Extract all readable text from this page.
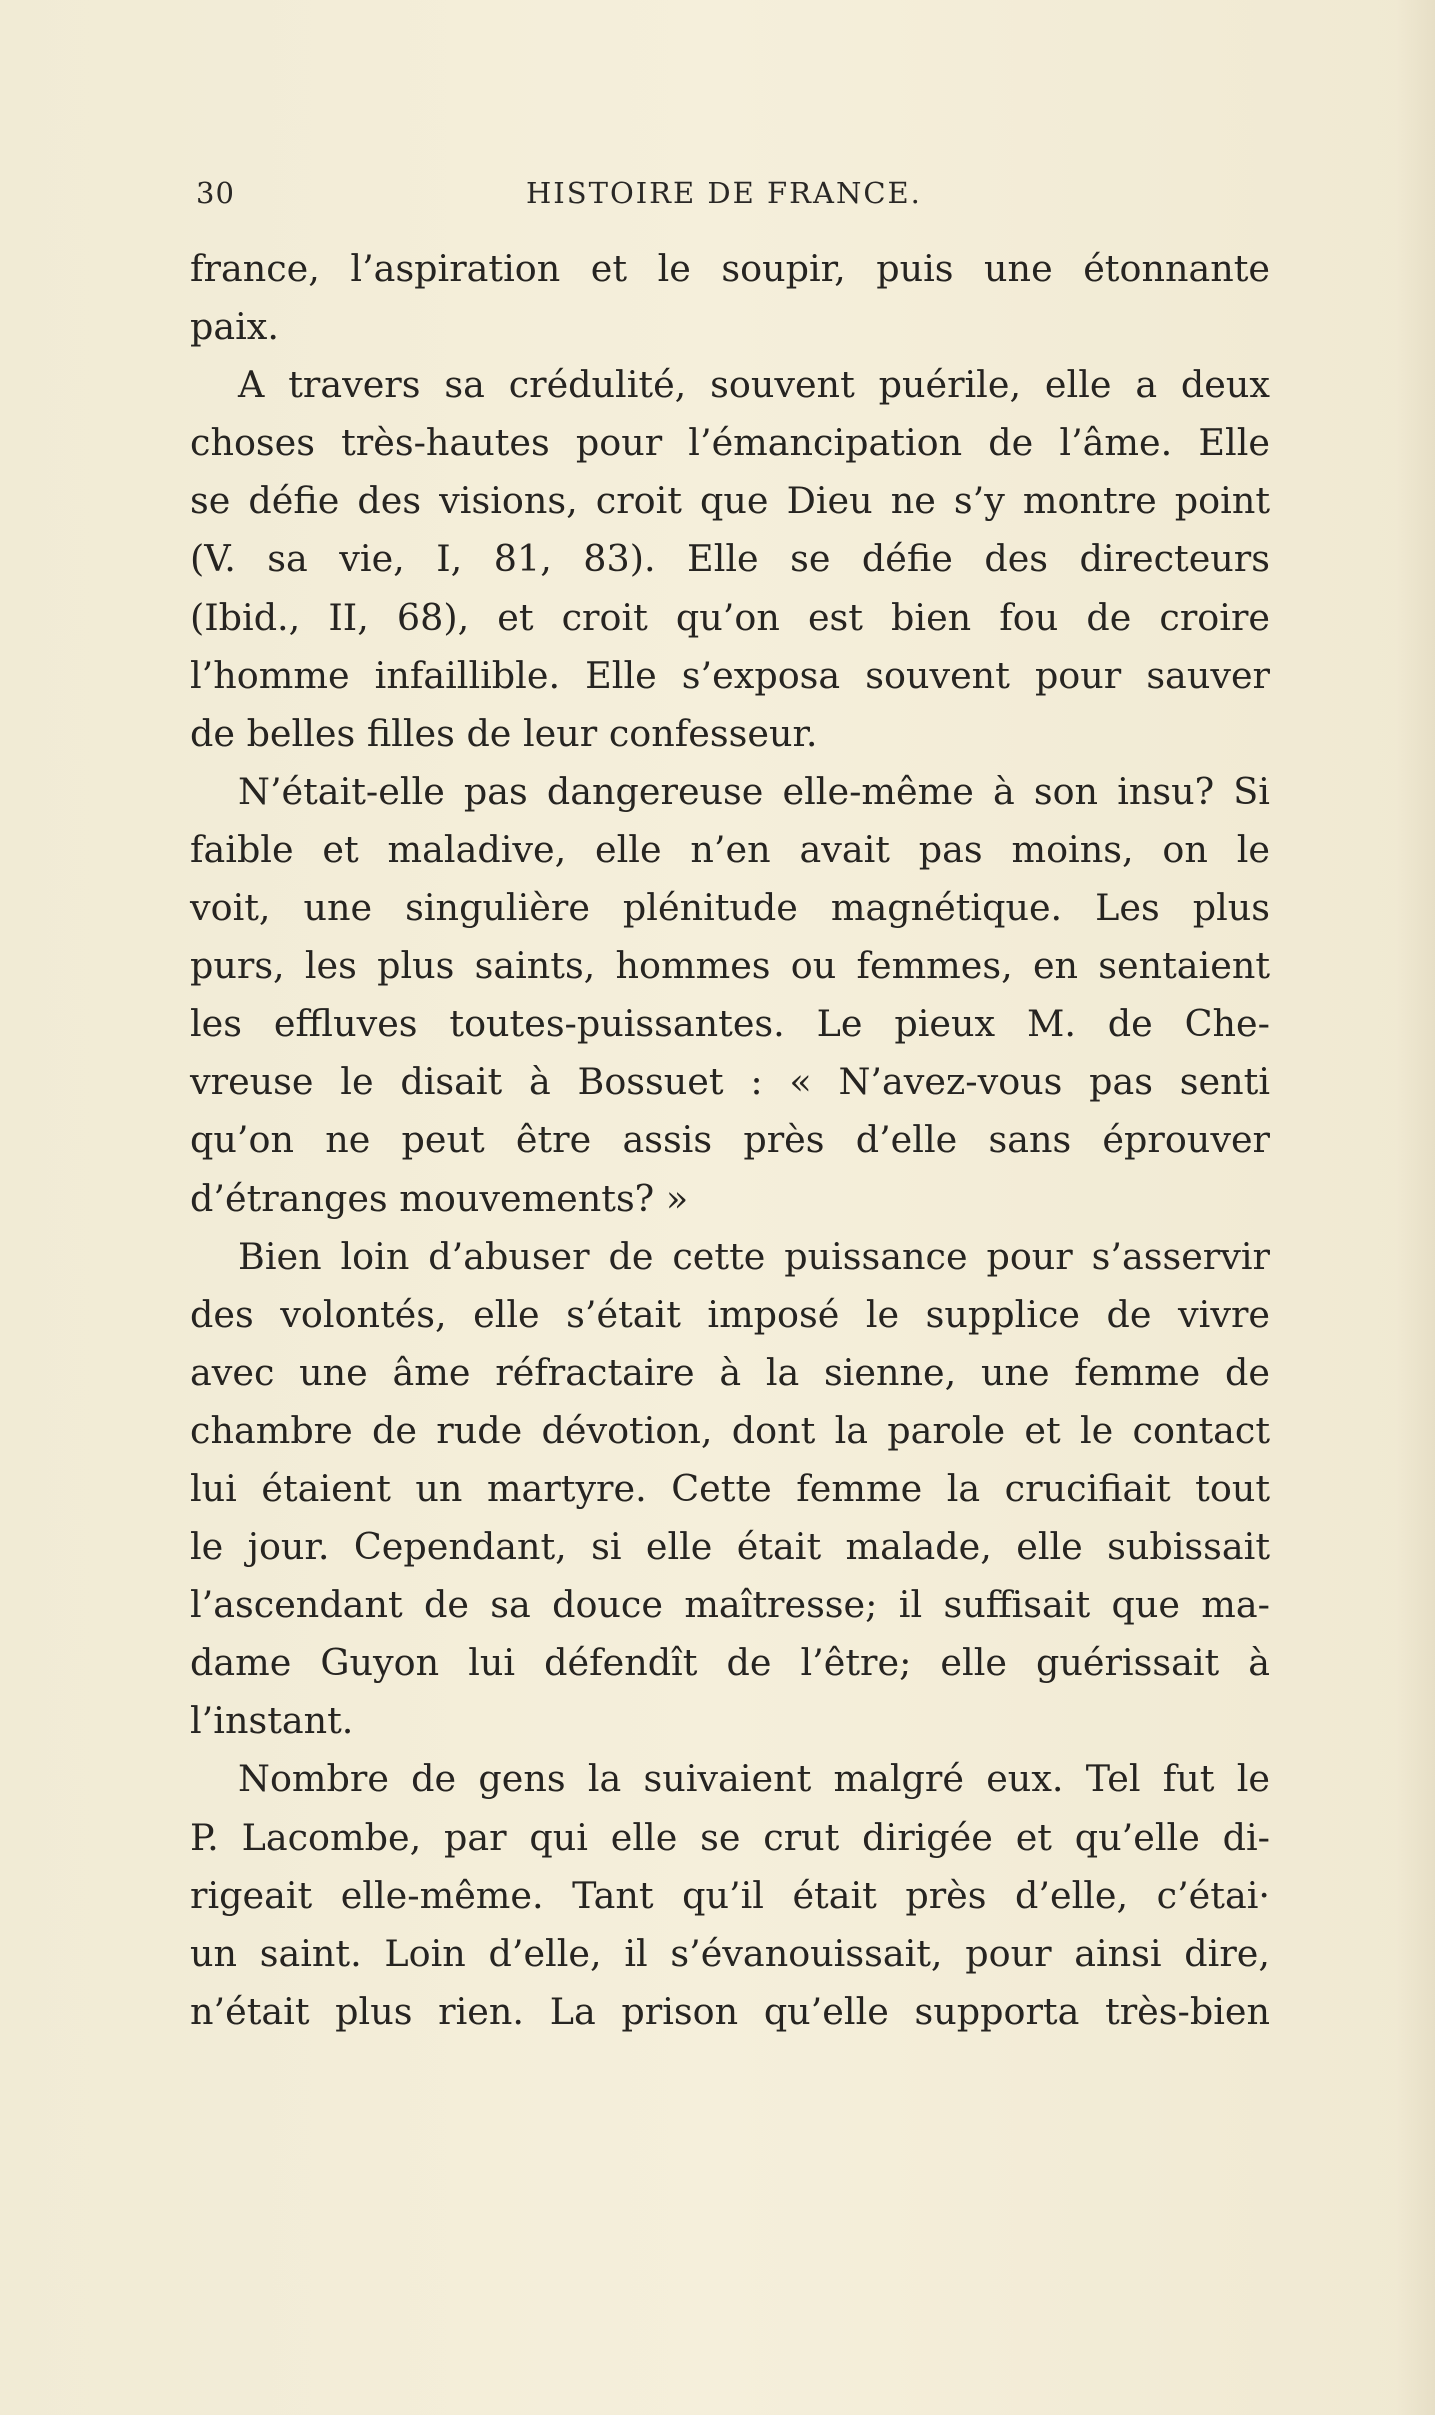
30	HISTOIRE DE FRANCE.
france, l’aspiration et le soupir, puis une étonnante
paix.
A travers sa crédulité, souvent puérile, elle a deux
choses très-hautes pour l’émancipation de l’âme. Elle
se défie des visions, croit que Dieu ne s’y montre point
(V. sa vie, I, 81, 83). Elle se défie des directeurs
(Ibid., II, 68), et croit qu’on est bien fou de croire
l’homme infaillible. Elle s’exposa souvent pour sauver
de belles filles de leur confesseur.
N’était-elle pas dangereuse elle-même à son insu? Si
faible et maladive, elle n’en avait pas moins, on le
voit, une singulière plénitude magnétique. Les plus
purs, les plus saints, hommes ou femmes, en sentaient
les effluves toutes-puissantes. Le pieux M. de Che-
vreuse le disait à Bossuet : « N’avez-vous pas senti
qu’on ne peut être assis près d’elle sans éprouver
d’étranges mouvements? »
Bien loin d’abuser de cette puissance pour s’asservir
des volontés, elle s’était imposé le supplice de vivre
avec une âme réfractaire à la sienne, une femme de
chambre de rude dévotion, dont la parole et le contact
lui étaient un martyre. Cette femme la crucifiait tout
le jour. Cependant, si elle était malade, elle subissait
l’ascendant de sa douce maîtresse; il suffisait que ma-
dame Guyon lui défendît de l’être; elle guérissait à
l’instant.
Nombre de gens la suivaient malgré eux. Tel fut le
P. Lacombe, par qui elle se crut dirigée et qu’elle di-
rigeait elle-même. Tant qu’il était près d’elle, c’étai·
un saint. Loin d’elle, il s’évanouissait, pour ainsi dire,
n’était plus rien. La prison qu’elle supporta très-bien
